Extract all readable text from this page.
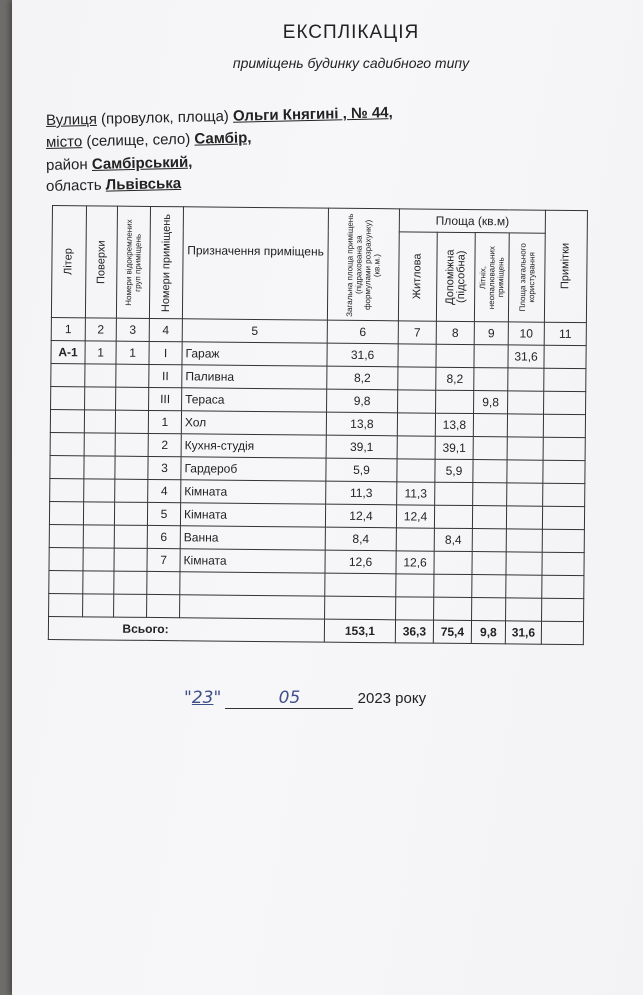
ЕКСПЛІКАЦІЯ
приміщень будинку садибного типу
Вулиця (провулок, площа) Ольги Княгині , № 44,
місто (селище, село) Самбір,
район Самбірський,
область Львівська
Літер	Поверхи	Номери відокремлених груп приміщень	Номери приміщень	Призначення приміщень	Загальна площа приміщень (підрахована за формулами розрахунку) (кв.м.)	Площа (кв.м)				Примітки

						Житлова	Допоміжна (підсобна)	Літніх, неопалювальних приміщень	Площа загального користування	

1	2	3	4	5	6	7	8	9	10	11
А-1	1	1	І	Гараж	31,6				31,6	
			ІІ	Паливна	8,2		8,2			
			ІІІ	Тераса	9,8			9,8		
			1	Хол	13,8		13,8			
			2	Кухня-студія	39,1		39,1			
			3	Гардероб	5,9		5,9			
			4	Кімната	11,3	11,3				
			5	Кімната	12,4	12,4				
			6	Ванна	8,4		8,4			
			7	Кімната	12,6	12,6				

	Всього:				153,1	36,3	75,4	9,8	31,6	
"23"	05	2023 року
